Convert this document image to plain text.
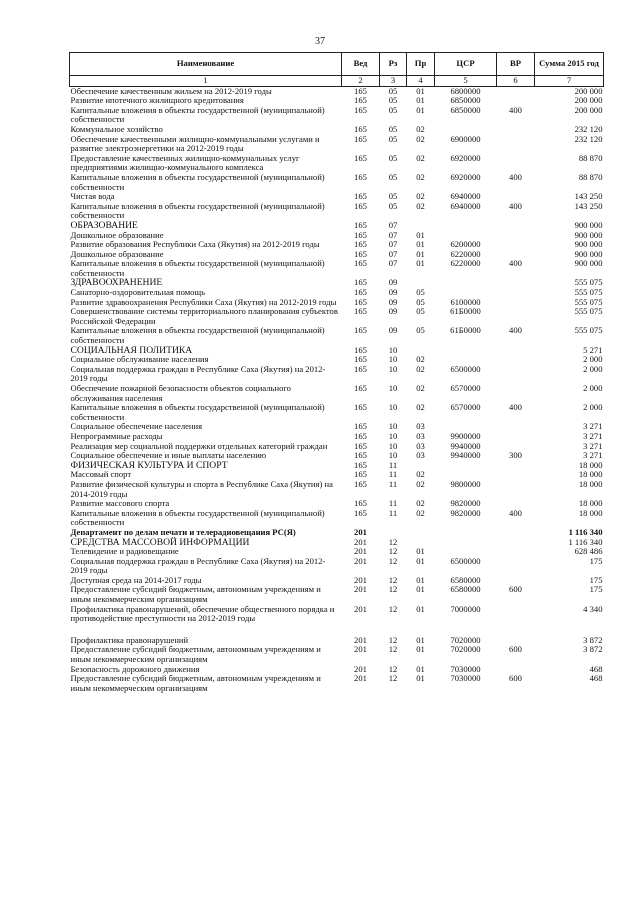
37
Наименование	Вед	Рз	Пр	ЦСР	ВР	Сумма 2015 год
1	2	3	4	5	6	7
Обеспечение качественным жильем на 2012-2019 годы	165	05	01	6800000		200 000
Развитие ипотечного жилищного кредитования	165	05	01	6850000		200 000
Капитальные вложения в объекты государственной (муниципальной) собственности	165	05	01	6850000	400	200 000
Коммунальное хозяйство	165	05	02			232 120
Обеспечение качественными жилищно-коммунальными услугами и развитие электроэнергетики на 2012-2019 годы	165	05	02	6900000		232 120
Предоставление качественных жилищно-коммунальных услуг предприятиями жилищно-коммунального комплекса	165	05	02	6920000		88 870
Капитальные вложения в объекты государственной (муниципальной) собственности	165	05	02	6920000	400	88 870
Чистая вода	165	05	02	6940000		143 250
Капитальные вложения в объекты государственной (муниципальной) собственности	165	05	02	6940000	400	143 250
ОБРАЗОВАНИЕ	165	07				900 000
Дошкольное образование	165	07	01			900 000
Развитие образования Республики Саха (Якутия) на 2012-2019 годы	165	07	01	6200000		900 000
Дошкольное образование	165	07	01	6220000		900 000
Капитальные вложения в объекты государственной (муниципальной) собственности	165	07	01	6220000	400	900 000
ЗДРАВООХРАНЕНИЕ	165	09				555 075
Санаторно-оздоровительная помощь	165	09	05			555 075
Развитие здравоохранения Республики Саха (Якутия) на 2012-2019 годы	165	09	05	6100000		555 075
Совершенствование системы территориального планирования субъектов Российской Федерации	165	09	05	61Б0000		555 075
Капитальные вложения в объекты государственной (муниципальной) собственности	165	09	05	61Б0000	400	555 075
СОЦИАЛЬНАЯ ПОЛИТИКА	165	10				5 271
Социальное обслуживание населения	165	10	02			2 000
Социальная поддержка граждан в Республике Саха (Якутия) на 2012-2019 годы	165	10	02	6500000		2 000
Обеспечение пожарной безопасности объектов социального обслуживания населения	165	10	02	6570000		2 000
Капитальные вложения в объекты государственной (муниципальной) собственности	165	10	02	6570000	400	2 000
Социальное обеспечение населения	165	10	03			3 271
Непрограммные расходы	165	10	03	9900000		3 271
Реализация мер социальной поддержки отдельных категорий граждан	165	10	03	9940000		3 271
Социальное обеспечение и иные выплаты населению	165	10	03	9940000	300	3 271
ФИЗИЧЕСКАЯ КУЛЬТУРА И СПОРТ	165	11				18 000
Массовый спорт	165	11	02			18 000
Развитие физической культуры и спорта в Республике Саха (Якутия) на 2014-2019 годы	165	11	02	9800000		18 000
Развитие массового спорта	165	11	02	9820000		18 000
Капитальные вложения в объекты государственной (муниципальной) собственности	165	11	02	9820000	400	18 000
Департамент по делам печати и телерадиовещания РС(Я)	201					1 116 340
СРЕДСТВА МАССОВОЙ ИНФОРМАЦИИ	201	12				1 116 340
Телевидение и радиовещание	201	12	01			628 486
Социальная поддержка граждан в Республике Саха (Якутия) на 2012-2019 годы	201	12	01	6500000		175
Доступная среда на 2014-2017 годы	201	12	01	6580000		175
Предоставление субсидий бюджетным, автономным учреждениям и иным некоммерческим организациям	201	12	01	6580000	600	175
Профилактика правонарушений, обеспечение общественного порядка и противодействие преступности на 2012-2019 годы	201	12	01	7000000		4 340

Профилактика правонарушений	201	12	01	7020000		3 872
Предоставление субсидий бюджетным, автономным учреждениям и иным некоммерческим организациям	201	12	01	7020000	600	3 872
Безопасность дорожного движения	201	12	01	7030000		468
Предоставление субсидий бюджетным, автономным учреждениям и иным некоммерческим организациям	201	12	01	7030000	600	468
